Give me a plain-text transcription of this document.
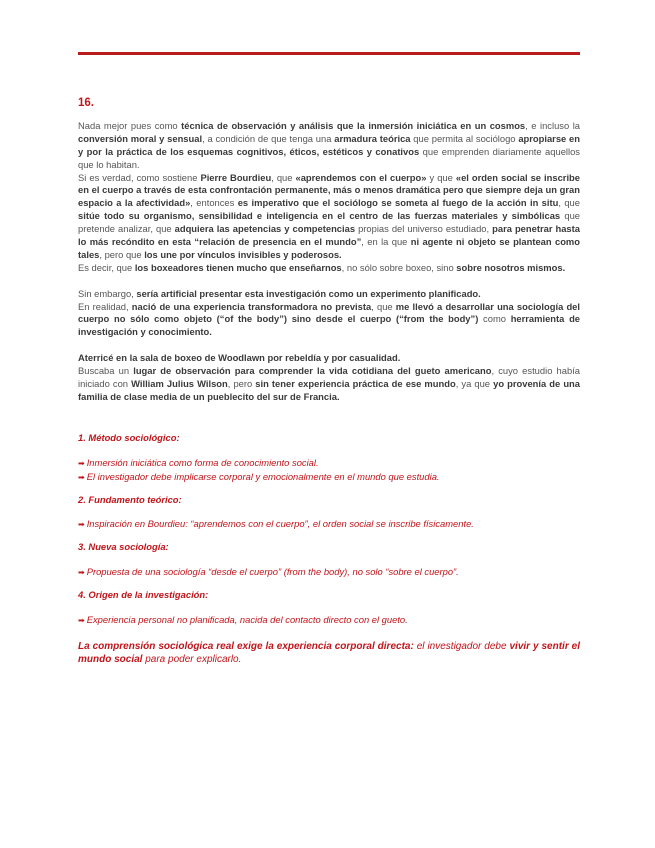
16.

Nada mejor pues como técnica de observación y análisis que la inmersión iniciática en un cosmos, e incluso la conversión moral y sensual, a condición de que tenga una armadura teórica que permita al sociólogo apropiarse en y por la práctica de los esquemas cognitivos, éticos, estéticos y conativos que emprenden diariamente aquellos que lo habitan.

Si es verdad, como sostiene Pierre Bourdieu, que «aprendemos con el cuerpo» y que «el orden social se inscribe en el cuerpo a través de esta confrontación permanente, más o menos dramática pero que siempre deja un gran espacio a la afectividad», entonces es imperativo que el sociólogo se someta al fuego de la acción in situ, que sitúe todo su organismo, sensibilidad e inteligencia en el centro de las fuerzas materiales y simbólicas que pretende analizar, que adquiera las apetencias y competencias propias del universo estudiado, para penetrar hasta lo más recóndito en esta “relación de presencia en el mundo”, en la que ni agente ni objeto se plantean como tales, pero que los une por vínculos invisibles y poderosos.

Es decir, que los boxeadores tienen mucho que enseñarnos, no sólo sobre boxeo, sino sobre nosotros mismos.

Sin embargo, sería artificial presentar esta investigación como un experimento planificado.

En realidad, nació de una experiencia transformadora no prevista, que me llevó a desarrollar una sociología del cuerpo no sólo como objeto (“of the body”) sino desde el cuerpo (“from the body”) como herramienta de investigación y conocimiento.

Aterricé en la sala de boxeo de Woodlawn por rebeldía y por casualidad.

Buscaba un lugar de observación para comprender la vida cotidiana del gueto americano, cuyo estudio había iniciado con William Julius Wilson, pero sin tener experiencia práctica de ese mundo, ya que yo provenía de una familia de clase media de un pueblecito del sur de Francia.

1. Método sociológico:
➡ Inmersión iniciática como forma de conocimiento social.
➡ El investigador debe implicarse corporal y emocionalmente en el mundo que estudia.
2. Fundamento teórico:
➡ Inspiración en Bourdieu: “aprendemos con el cuerpo”, el orden social se inscribe físicamente.
3. Nueva sociología:
➡ Propuesta de una sociología “desde el cuerpo” (from the body), no solo “sobre el cuerpo”.
4. Origen de la investigación:
➡ Experiencia personal no planificada, nacida del contacto directo con el gueto.

La comprensión sociológica real exige la experiencia corporal directa: el investigador debe vivir y sentir el mundo social para poder explicarlo.
